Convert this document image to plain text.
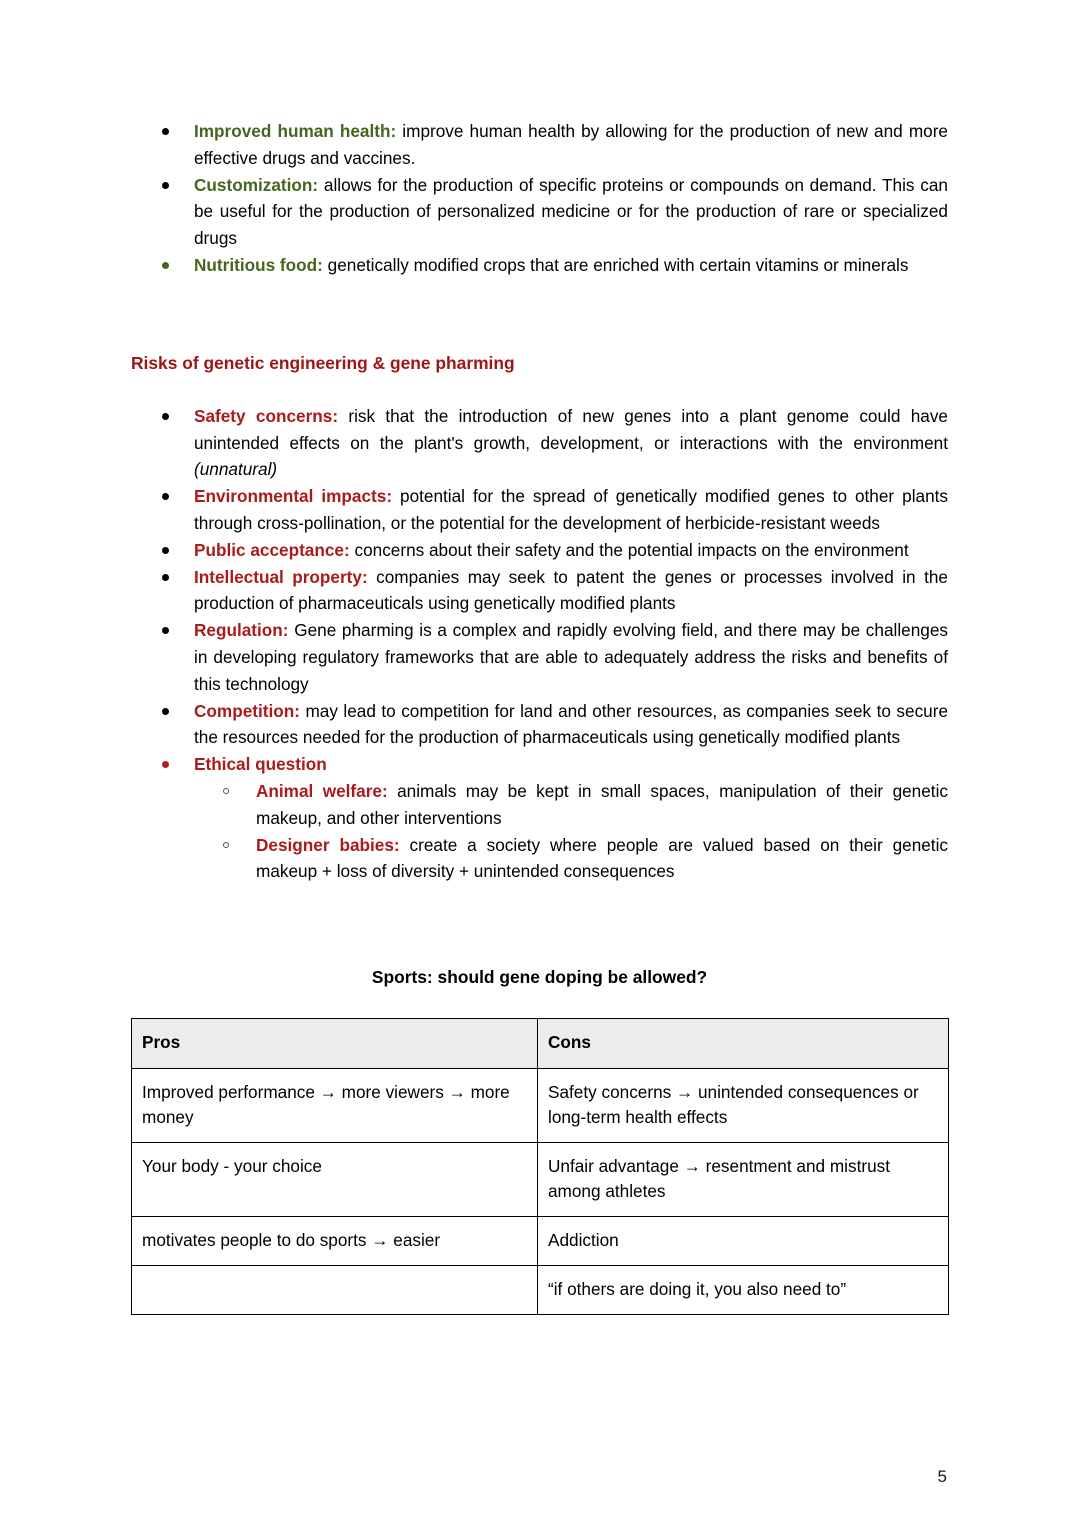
Improved human health: improve human health by allowing for the production of new and more effective drugs and vaccines.
Customization: allows for the production of specific proteins or compounds on demand. This can be useful for the production of personalized medicine or for the production of rare or specialized drugs
Nutritious food: genetically modified crops that are enriched with certain vitamins or minerals
Risks of genetic engineering & gene pharming
Safety concerns: risk that the introduction of new genes into a plant genome could have unintended effects on the plant's growth, development, or interactions with the environment (unnatural)
Environmental impacts: potential for the spread of genetically modified genes to other plants through cross-pollination, or the potential for the development of herbicide-resistant weeds
Public acceptance: concerns about their safety and the potential impacts on the environment
Intellectual property: companies may seek to patent the genes or processes involved in the production of pharmaceuticals using genetically modified plants
Regulation: Gene pharming is a complex and rapidly evolving field, and there may be challenges in developing regulatory frameworks that are able to adequately address the risks and benefits of this technology
Competition: may lead to competition for land and other resources, as companies seek to secure the resources needed for the production of pharmaceuticals using genetically modified plants
Ethical question
Animal welfare: animals may be kept in small spaces, manipulation of their genetic makeup, and other interventions
Designer babies: create a society where people are valued based on their genetic makeup + loss of diversity + unintended consequences
Sports: should gene doping be allowed?
Pros	Cons
Improved performance → more viewers → more money	Safety concerns → unintended consequences or long-term health effects
Your body - your choice	Unfair advantage → resentment and mistrust among athletes
motivates people to do sports → easier	Addiction
	“if others are doing it, you also need to”
5
